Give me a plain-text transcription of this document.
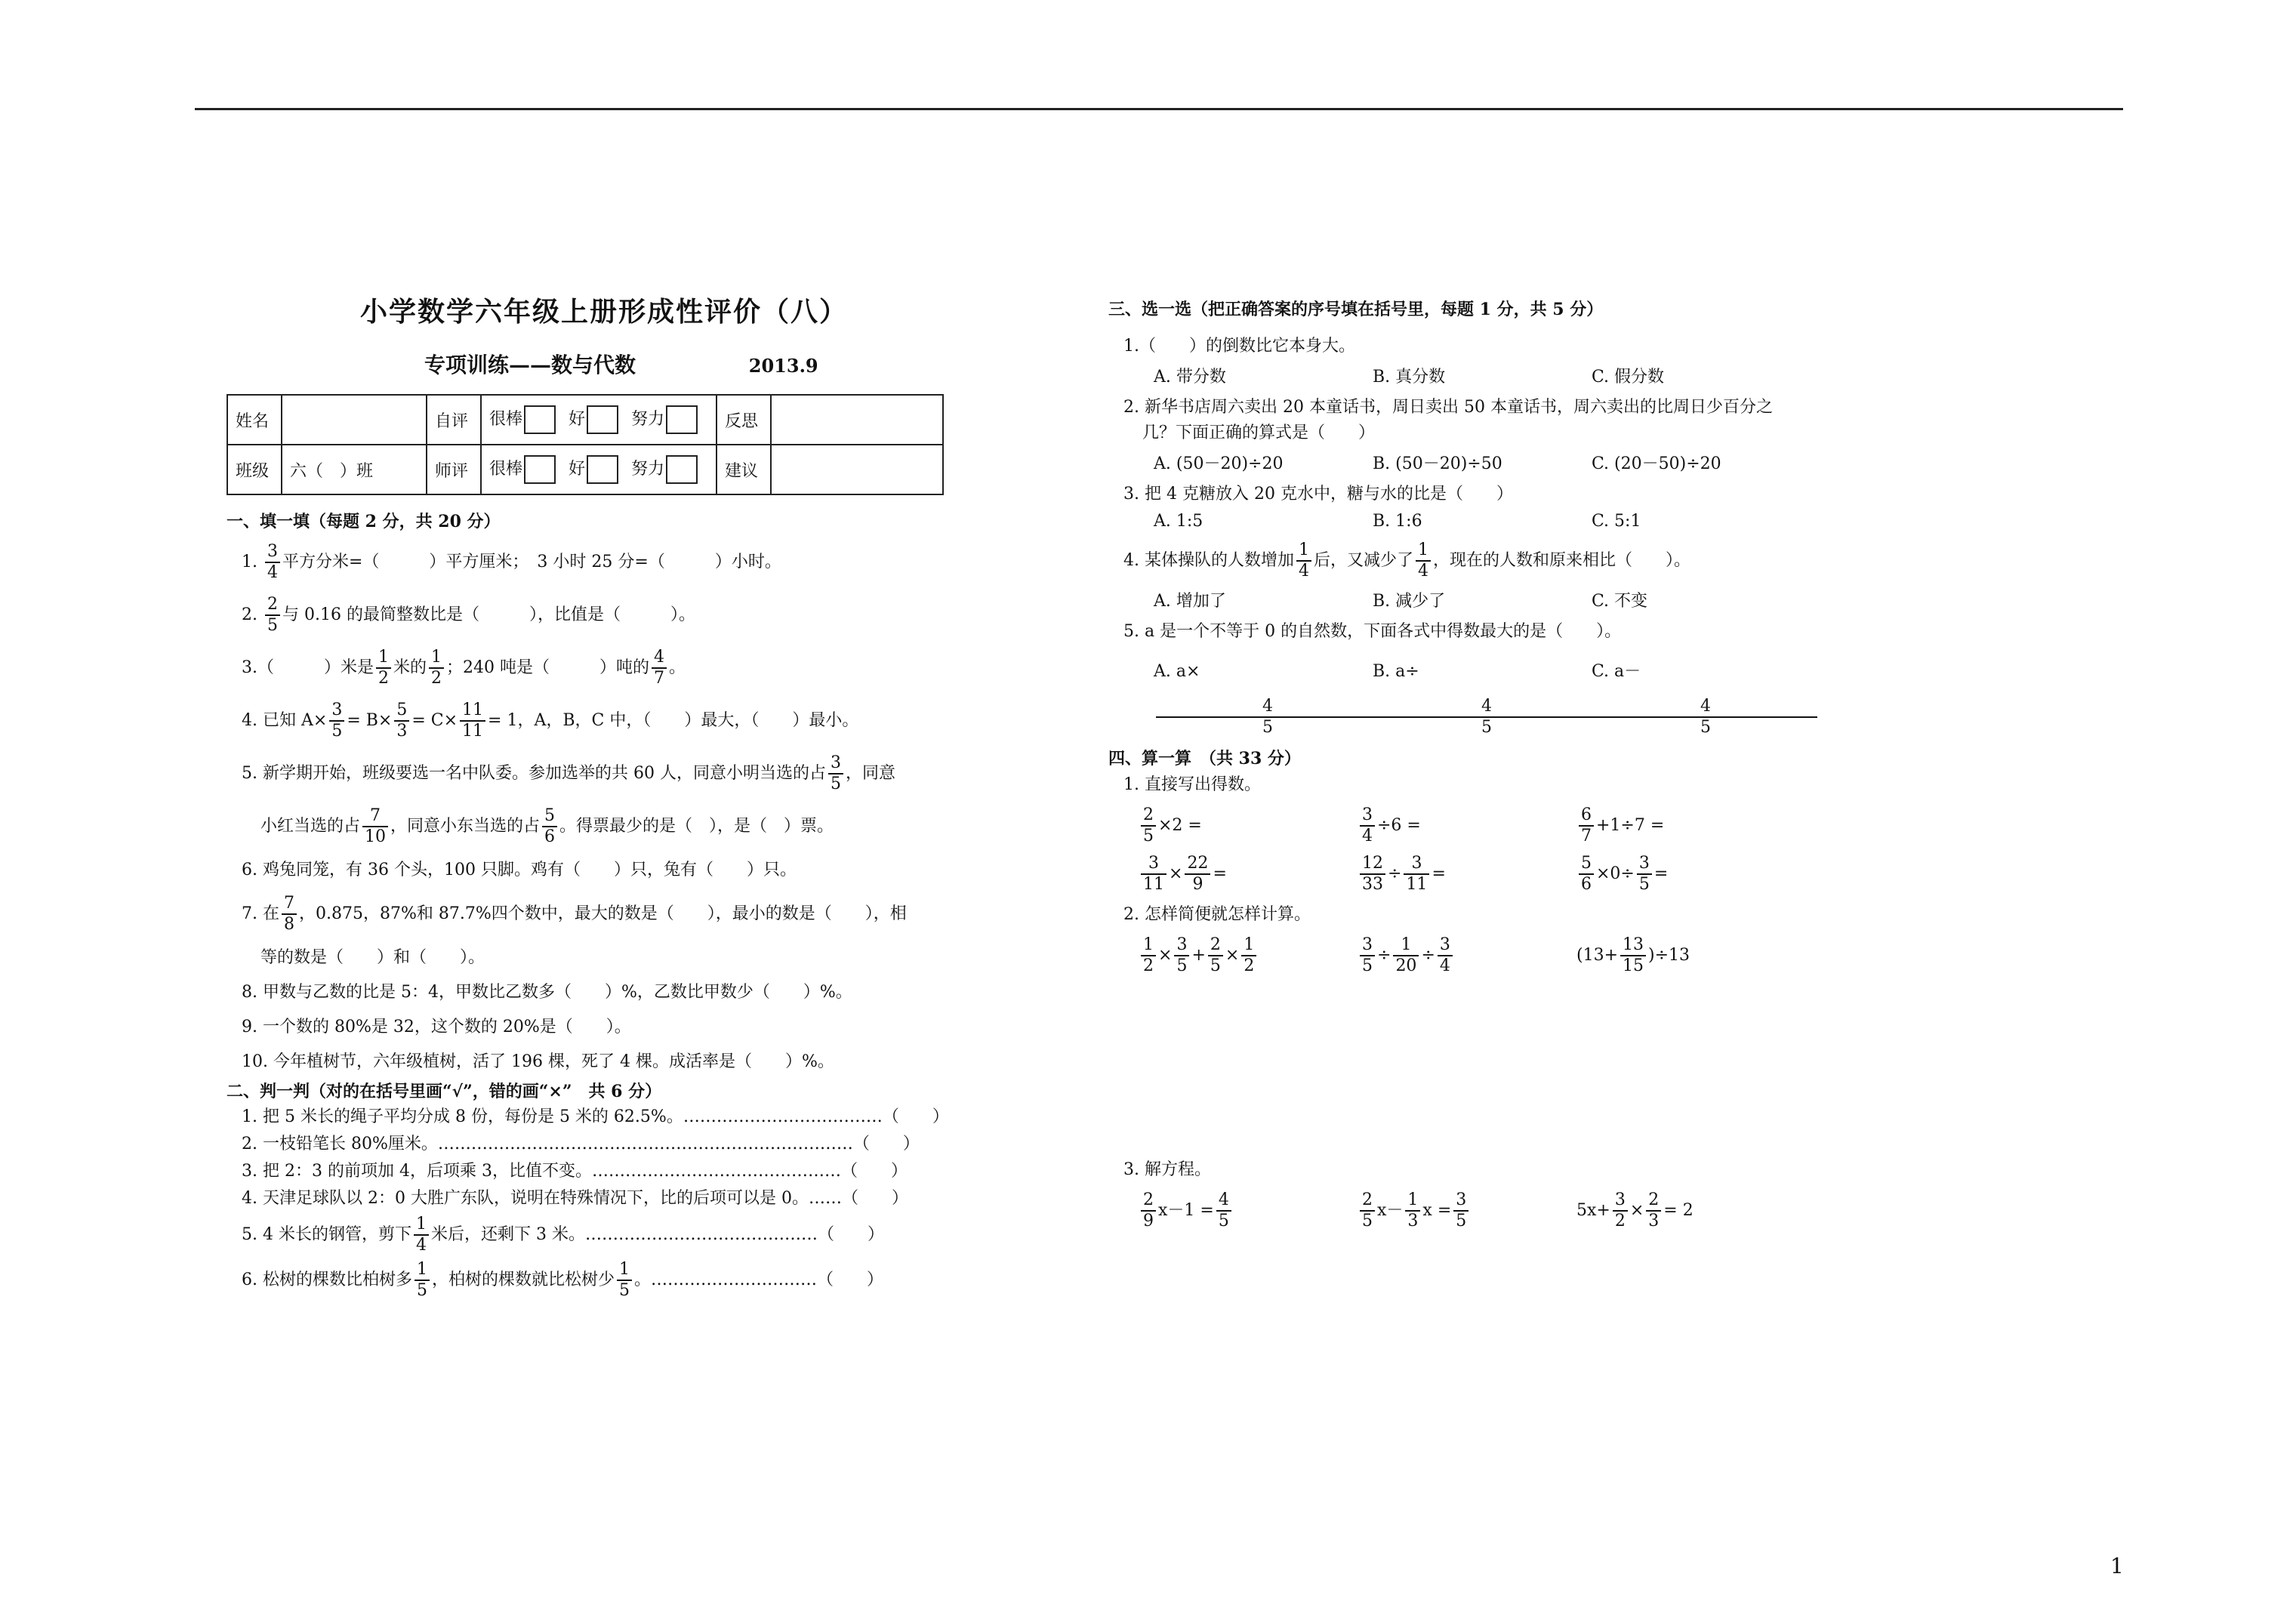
小学数学六年级上册形成性评价（八）
专项训练——数与代数	2013.9
姓名		自评	很棒 好 努力	反思	
班级	六（　）班	师评	很棒 好 努力	建议	
一、填一填（每题 2 分，共 20 分）
1. $\frac{3}{4}$ 平方分米=（　　　）平方厘米；　3 小时 25 分=（　　　）小时。
2. $\frac{2}{5}$ 与 0.16 的最简整数比是（　　　），比值是（　　　）。
3.（　　　）米是 $\frac{1}{2}$ 米的 $\frac{1}{2}$ ；240 吨是（　　　）吨的 $\frac{4}{7}$ 。
4. 已知 $A\times \frac{3}{5} = B\times \frac{5}{3} = C\times \frac{11}{11} = 1$，A，B，C 中，（　　）最大，（　　）最小。
5. 新学期开始，班级要选一名中队委。参加选举的共 60 人，同意小明当选的占 $\frac{3}{5}$ ，同意
小红当选的占 $\frac{7}{10}$ ，同意小东当选的占 $\frac{5}{6}$ 。得票最少的是（　），是（　）票。
6. 鸡兔同笼，有 36 个头，100 只脚。鸡有（　　）只，兔有（　　）只。
7. 在 $\frac{7}{8}$ ，0.875，87%和 87.7%四个数中，最大的数是（　　），最小的数是（　　），相
等的数是（　　）和（　　）。
8. 甲数与乙数的比是 5：4，甲数比乙数多（　　）%，乙数比甲数少（　　）%。
9. 一个数的 80%是 32，这个数的 20%是（　　）。
10. 今年植树节，六年级植树，活了 196 棵，死了 4 棵。成活率是（　　）%。
二、判一判（对的在括号里画“√”，错的画“×”　共 6 分）
1. 把 5 米长的绳子平均分成 8 份，每份是 5 米的 62.5%。………………………………（　　）
2. 一枝铅笔长 80%厘米。…………………………………………………………………（　　）
3. 把 2：3 的前项加 4，后项乘 3，比值不变。………………………………………（　　）
4. 天津足球队以 2：0 大胜广东队，说明在特殊情况下，比的后项可以是 0。……（　　）
5. 4 米长的钢管，剪下 $\frac{1}{4}$ 米后，还剩下 3 米。……………………………………（　　）
6. 松树的棵数比柏树多 $\frac{1}{5}$ ，柏树的棵数就比松树少 $\frac{1}{5}$ 。…………………………（　　）
三、选一选（把正确答案的序号填在括号里，每题 1 分，共 5 分）
1.（　　）的倒数比它本身大。
A. 带分数	B. 真分数	C. 假分数
2. 新华书店周六卖出 20 本童话书，周日卖出 50 本童话书，周六卖出的比周日少百分之
几？下面正确的算式是（　　）
A. (50－20)÷20	B. (50－20)÷50	C. (20－50)÷20
3. 把 4 克糖放入 20 克水中，糖与水的比是（　　）
A. 1:5	B. 1:6	C. 5:1
4. 某体操队的人数增加 $\frac{1}{4}$ 后，又减少了 $\frac{1}{4}$ ，现在的人数和原来相比（　　）。
A. 增加了	B. 减少了	C. 不变
5. a 是一个不等于 0 的自然数，下面各式中得数最大的是（　　）。
A. a×
$\frac{4}{5}$
B. a÷
$\frac{4}{5}$
C. a－
$\frac{4}{5}$
四、算一算　（共 33 分）
1. 直接写出得数。
$\frac{2}{5} \times 2$ =	$\frac{3}{4} \div 6$ =	$\frac{6}{7} +1\div 7$ =
$\frac{3}{11} \times \frac{22}{9}$ =	$\frac{12}{33} \div \frac{3}{11}$ =	$\frac{5}{6} \times 0\div \frac{3}{5}$ =
2. 怎样简便就怎样计算。
$\frac{1}{2} \times \frac{3}{5} + \frac{2}{5} \times \frac{1}{2}$	$\frac{3}{5} \div \frac{1}{20} \div \frac{3}{4}$	$(13+ \frac{13}{15} )\div 13$
3. 解方程。
$\frac{2}{9} x-1 = \frac{4}{5}$	$\frac{2}{5} x- \frac{1}{3}$ $x = \frac{3}{5}$	$5x+ \frac{3}{2} \times \frac{2}{3} = 2$
1
